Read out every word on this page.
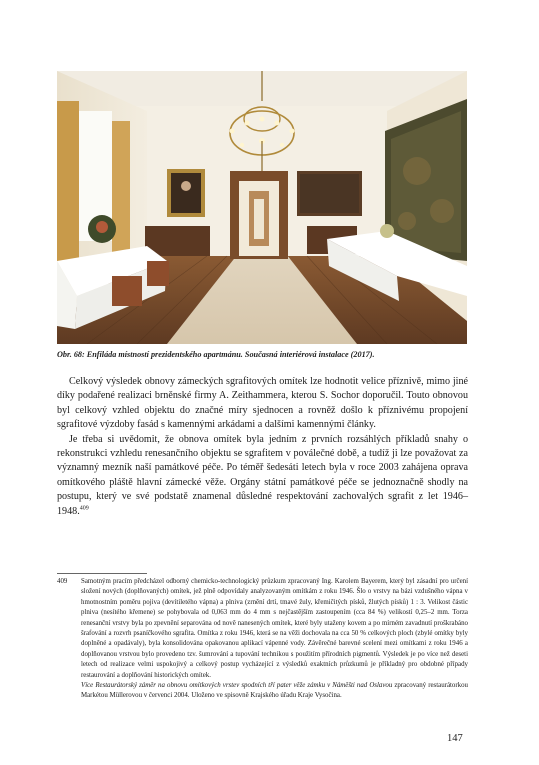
Obr. 68: Enfiláda místností prezidentského apartmánu. Současná interiérová instalace (2017).

Celkový výsledek obnovy zámeckých sgrafitových omítek lze hodnotit velice příznivě, mimo jiné díky podařené realizaci brněnské firmy A. Zeithammera, kterou S. Sochor doporučil. Touto obnovou byl celkový vzhled objektu do značné míry sjednocen a rovněž došlo k příznivému propojení sgrafitové výzdoby fasád s kamennými arkádami a dalšími kamennými články.

Je třeba si uvědomit, že obnova omítek byla jedním z prvních rozsáhlých příkladů snahy o rekonstrukci vzhledu renesančního objektu se sgrafitem v poválečné době, a tudíž ji lze považovat za významný mezník naší památkové péče. Po téměř šedesáti letech byla v roce 2003 zahájena oprava omítkového pláště hlavní zámecké věže. Orgány státní památkové péče se jednoznačně shodly na postupu, který ve své podstatě znamenal důsledné respektování zachovalých sgrafit z let 1946–1948.$^{409}$

409 Samotným pracím předcházel odborný chemicko-technologický průzkum zpracovaný Ing. Karolem Bayerem, který byl zásadní pro určení složení nových (doplňovaných) omítek, jež plně odpovídaly analyzovaným omítkám z roku 1946. Šlo o vrstvy na bázi vzdušného vápna v hmotnostním poměru pojiva (devítiletého vápna) a plniva (zrnění drtí, tmavé žuly, křemičitých písků, žlutých písků) 1 : 3. Velikost částic plniva (nesítého křemene) se pohybovala od 0,063 mm do 4 mm s nejčastějším zastoupením (cca 84 %) velikostí 0,25–2 mm. Torza renesanční vrstvy byla po zpevnění separována od nově nanesených omítek, které byly utaženy kovem a po mírném zavadnutí proškrabáno šrafování a rozvrh psaníčkového sgrafita. Omítka z roku 1946, která se na věži dochovala na cca 50 % celkových ploch (zbylé omítky byly doplněné a opadávaly), byla konsolidována opakovanou aplikací vápenné vody. Závěrečné barevné scelení mezi omítkami z roku 1946 a doplňovanou vrstvou bylo provedeno tzv. šumrování a tupování technikou s použitím přírodních pigmentů. Výsledek je po více než deseti letech od realizace velmi uspokojivý a celkový postup vycházející z výsledků exaktních průzkumů je příkladný pro obdobné případy restaurování a doplňování historických omítek.

Více Restaurátorský záměr na obnovu omítkových vrstev spodních tří pater věže zámku v Náměšti nad Oslavou zpracovaný restaurátorkou Markétou Müllerovou v červenci 2004. Uloženo ve spisovně Krajského úřadu Kraje Vysočina.

147
